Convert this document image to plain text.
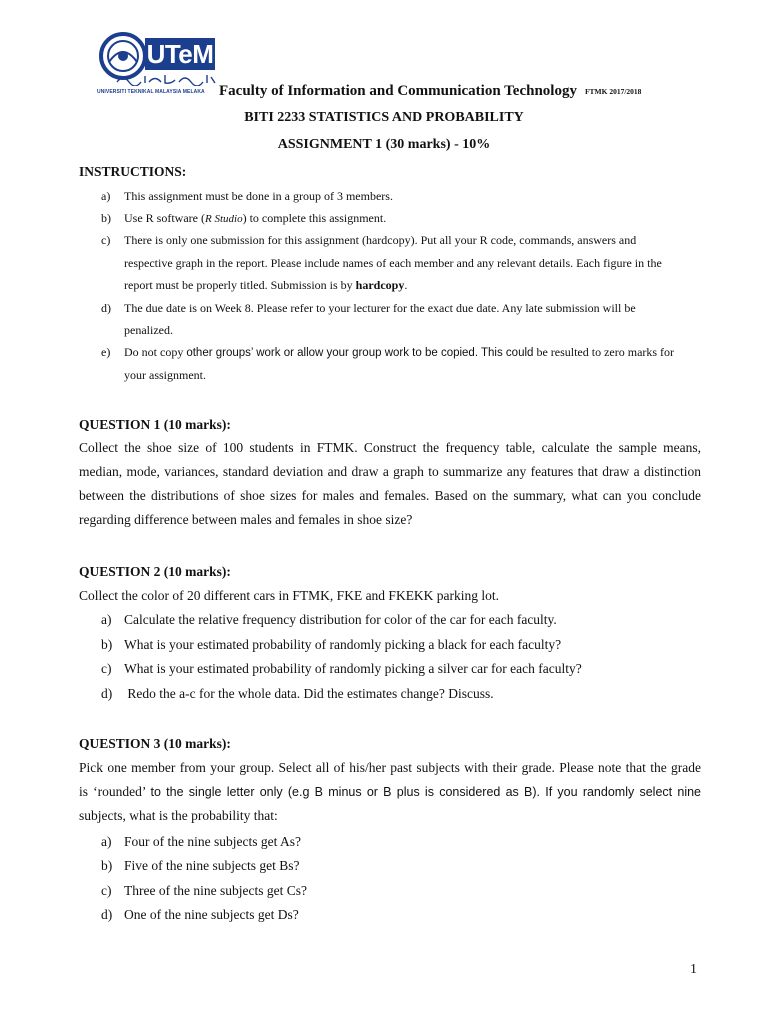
UTeM
UNIVERSITI TEKNIKAL MALAYSIA MELAKA Faculty of Information and Communication Technology FTMK 2017/2018
BITI 2233 STATISTICS AND PROBABILITY
ASSIGNMENT 1 (30 marks) - 10%
INSTRUCTIONS:
a) This assignment must be done in a group of 3 members.
b) Use R software (R Studio) to complete this assignment.
c) There is only one submission for this assignment (hardcopy). Put all your R code, commands, answers and
respective graph in the report. Please include names of each member and any relevant details. Each figure in the
report must be properly titled. Submission is by hardcopy.
d) The due date is on Week 8. Please refer to your lecturer for the exact due date. Any late submission will be
penalized.
e) Do not copy other groups’ work or allow your group work to be copied. This could be resulted to zero marks for
your assignment.
QUESTION 1 (10 marks):
Collect the shoe size of 100 students in FTMK. Construct the frequency table, calculate the sample means,
median, mode, variances, standard deviation and draw a graph to summarize any features that draw a distinction
between the distributions of shoe sizes for males and females. Based on the summary, what can you conclude
regarding difference between males and females in shoe size?
QUESTION 2 (10 marks):
Collect the color of 20 different cars in FTMK, FKE and FKEKK parking lot.
a) Calculate the relative frequency distribution for color of the car for each faculty.
b) What is your estimated probability of randomly picking a black for each faculty?
c) What is your estimated probability of randomly picking a silver car for each faculty?
d) Redo the a-c for the whole data. Did the estimates change? Discuss.
QUESTION 3 (10 marks):
Pick one member from your group. Select all of his/her past subjects with their grade. Please note that the grade
is ‘rounded’ to the single letter only (e.g B minus or B plus is considered as B). If you randomly select nine
subjects, what is the probability that:
a) Four of the nine subjects get As?
b) Five of the nine subjects get Bs?
c) Three of the nine subjects get Cs?
d) One of the nine subjects get Ds?
1
